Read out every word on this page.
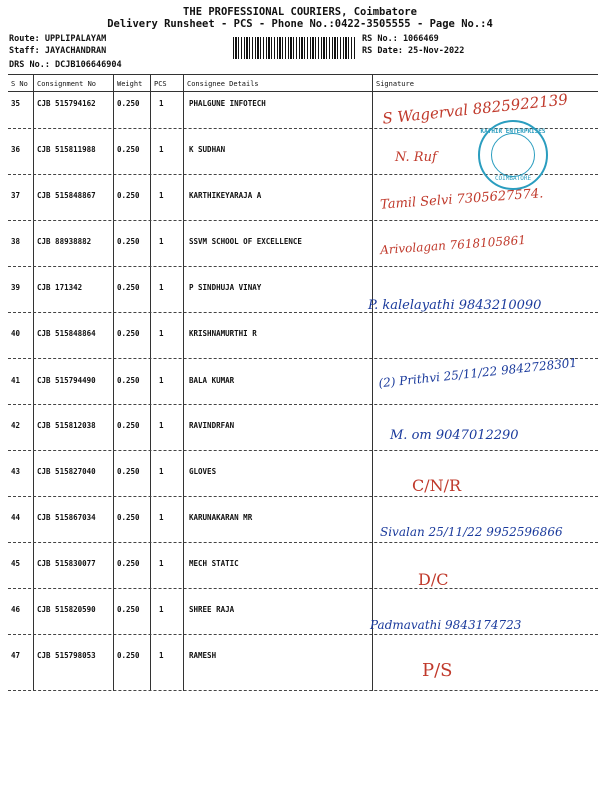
THE PROFESSIONAL COURIERS, Coimbatore
Delivery Runsheet - PCS - Phone No.:0422-3505555 - Page No.:4
Route: UPPLIPALAYAM
Staff: JAYACHANDRAN
DRS No.: DCJB106646904
RS No.: 1066469
RS Date: 25-Nov-2022
S No Consignment No	Weight PCS	Consignee Details	Signature
35 CJB 515794162	0.250	1	PHALGUNE INFOTECH
36 CJB 515811988	0.250	1	K SUDHAN
37 CJB 515848867	0.250	1	KARTHIKEYARAJA A
38 CJB 88938882	0.250	1	SSVM SCHOOL OF EXCELLENCE
39 CJB 171342	0.250	1	P SINDHUJA VINAY
40 CJB 515848864	0.250	1	KRISHNAMURTHI R
41 CJB 515794490	0.250	1	BALA KUMAR
42 CJB 515812038	0.250	1	RAVINDRFAN
43 CJB 515827040	0.250	1	GLOVES
44 CJB 515867034	0.250	1	KARUNAKARAN MR
45 CJB 515830077	0.250	1	MECH STATIC
46 CJB 515820590	0.250	1	SHREE RAJA
47 CJB 515798053	0.250	1	RAMESH
S Wagerval 8825922139
N. Ruf
Tamil Selvi 7305627574.
Arivolagan 7618105861
P. kalelayathi 9843210090
(2) Prithvi 25/11/22 9842728301
M. om 9047012290
C/N/R
Sivalan 25/11/22 9952596866
D/C
Padmavathi 9843174723
P/S
KATHIR ENTERPRISES
COIMBATORE
